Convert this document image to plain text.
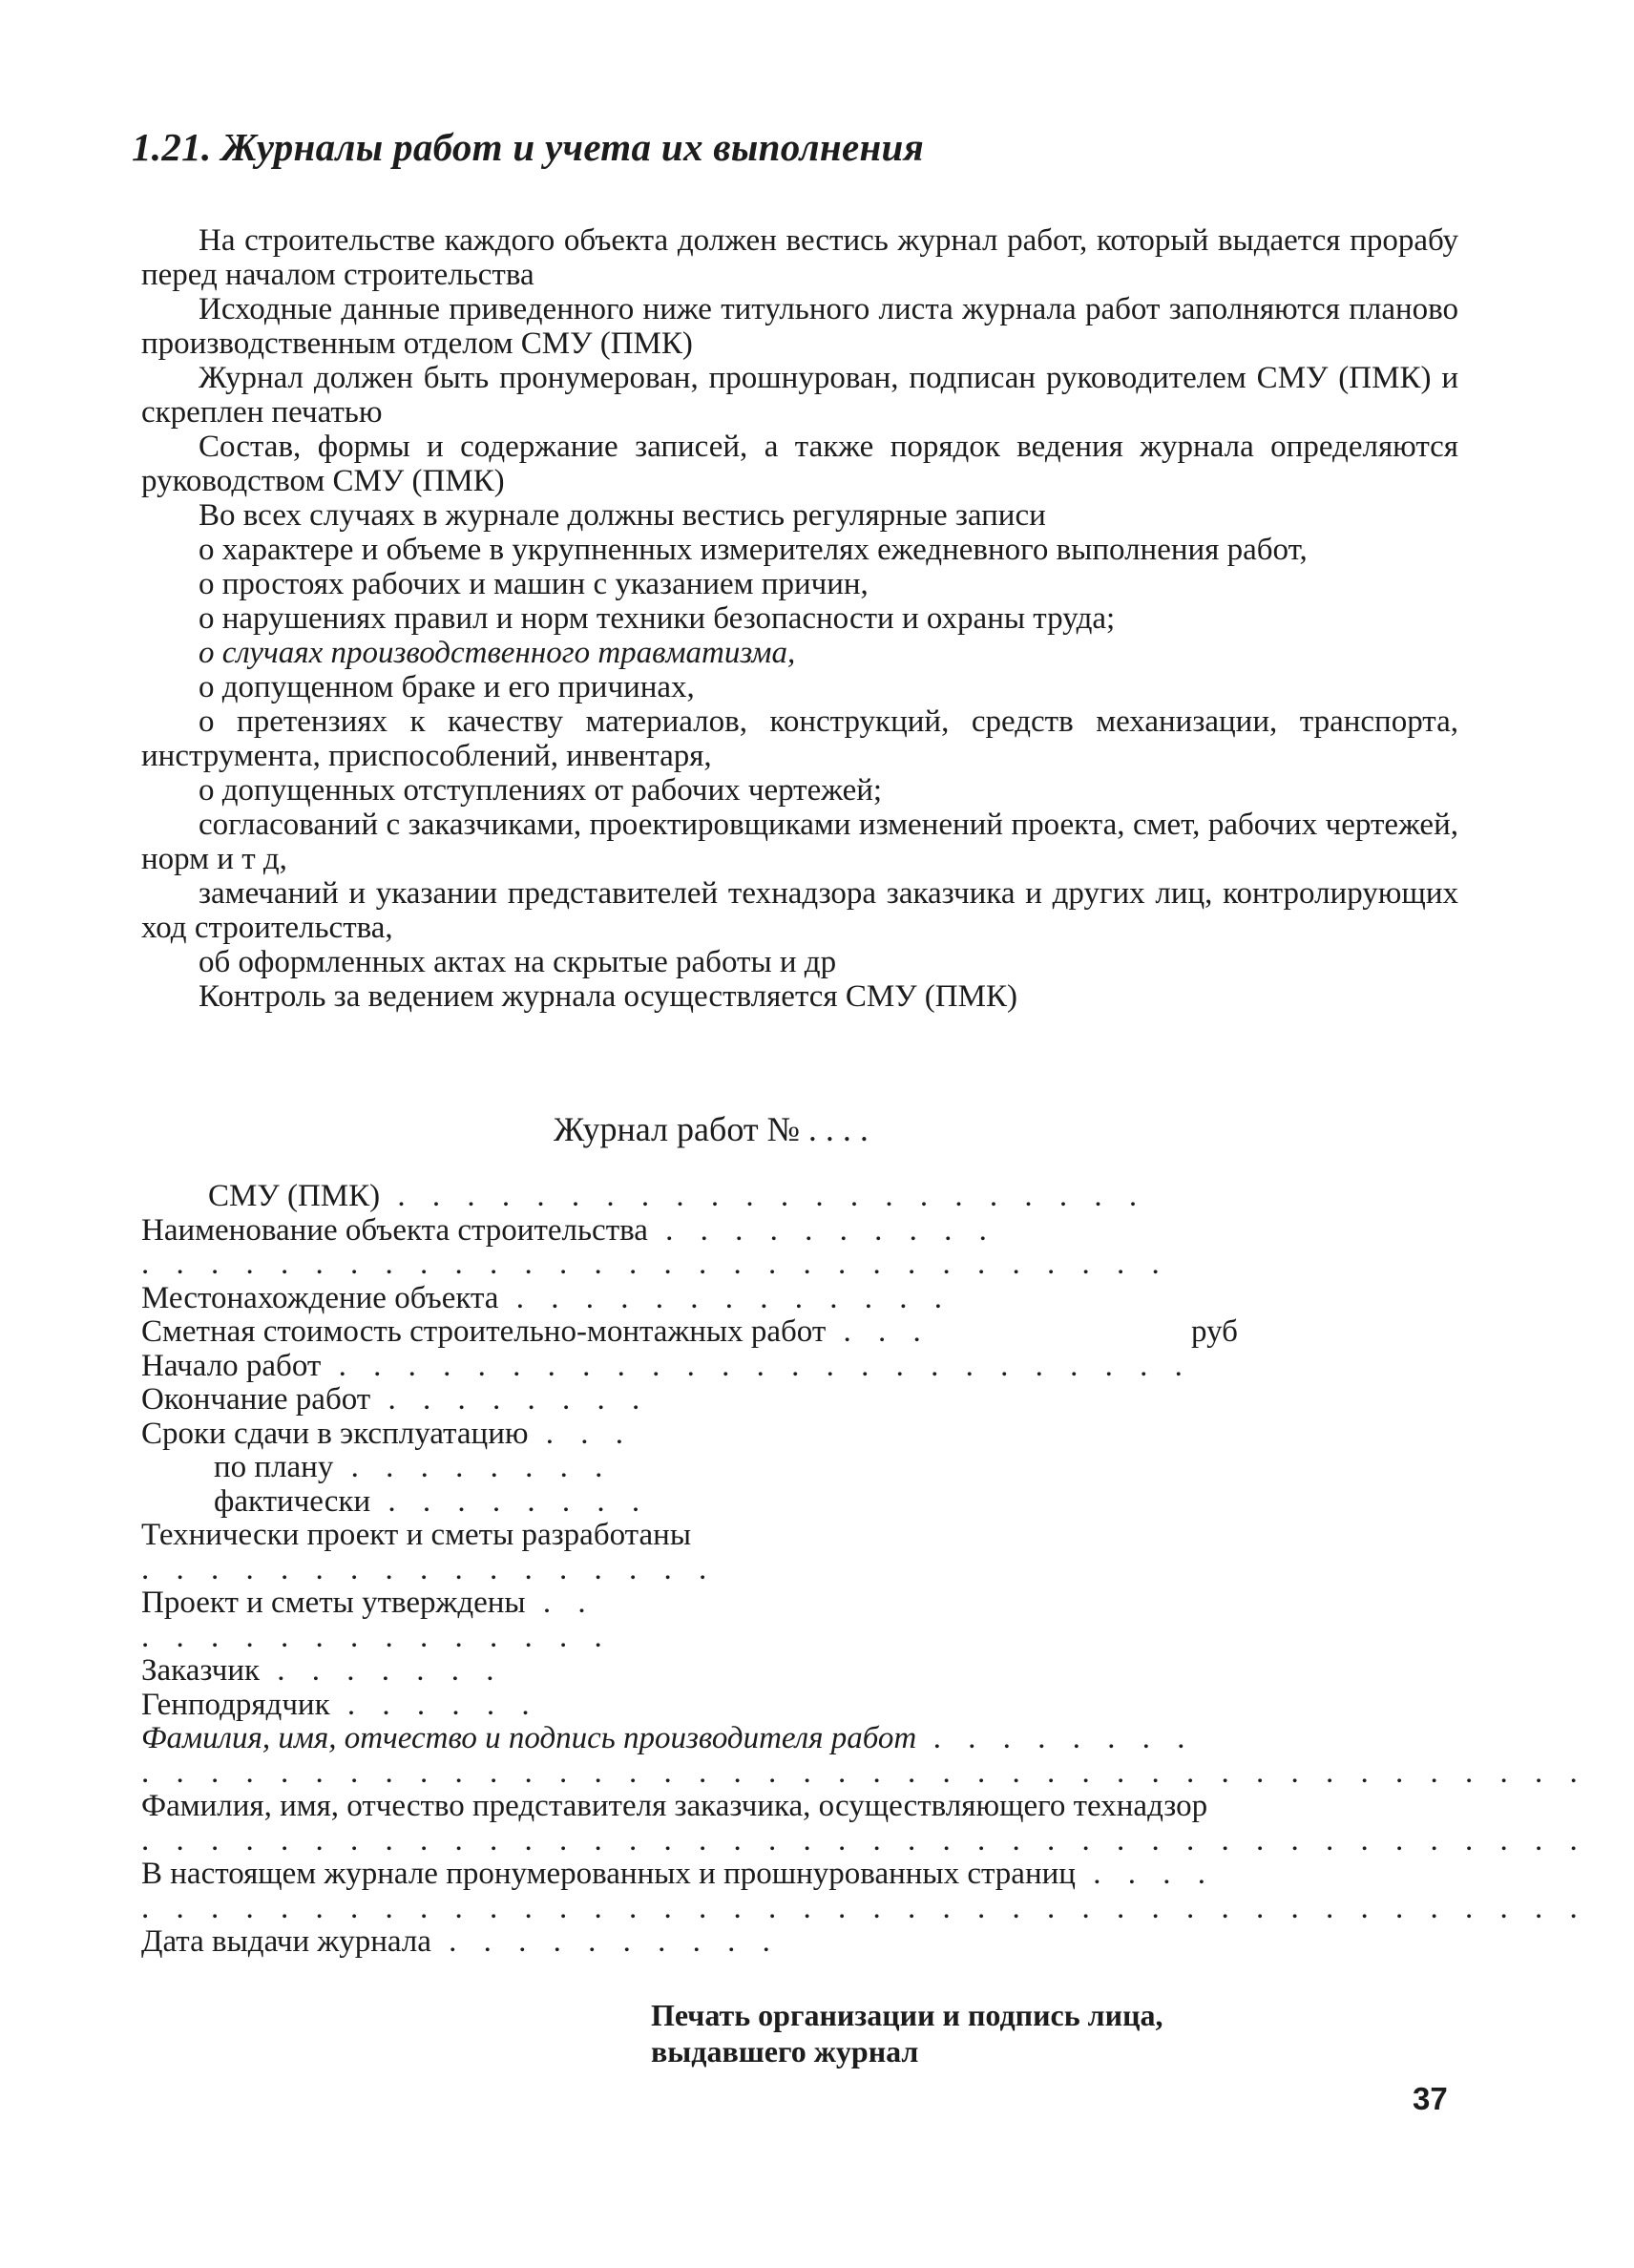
1.21. Журналы работ и учета их выполнения

На строительстве каждого объекта должен вестись журнал работ, который выдается прорабу перед началом строительства

Исходные данные приведенного ниже титульного листа журнала работ заполняются планово производственным отделом СМУ (ПМК)

Журнал должен быть пронумерован, прошнурован, подписан руководителем СМУ (ПМК) и скреплен печатью

Состав, формы и содержание записей, а также порядок ведения журнала определяются руководством СМУ (ПМК)

Во всех случаях в журнале должны вестись регулярные записи

о характере и объеме в укрупненных измерителях ежедневного выполнения работ,

о простоях рабочих и машин с указанием причин,

о нарушениях правил и норм техники безопасности и охраны труда;

о случаях производственного травматизма,

о допущенном браке и его причинах,

о претензиях к качеству материалов, конструкций, средств механизации, транспорта, инструмента, приспособлений, инвентаря,

о допущенных отступлениях от рабочих чертежей;

согласований с заказчиками, проектировщиками изменений проекта, смет, рабочих чертежей, норм и т д,

замечаний и указании представителей технадзора заказчика и других лиц, контролирующих ход строительства,

об оформленных актах на скрытые работы и др

Контроль за ведением журнала осуществляется СМУ (ПМК)

Журнал работ № . . . .
СМУ (ПМК) . . . . . . . . . . . . . . . . . . . . . .
Наименование объекта строительства . . . . . . . . . .
. . . . . . . . . . . . . . . . . . . . . . . . . . . . . .
Местонахождение объекта . . . . . . . . . . . . .
Сметная стоимость строительно-монтажных работ . . .	руб
Начало работ . . . . . . . . . . . . . . . . . . . . . . . . .
Окончание работ . . . . . . . .
Сроки сдачи в эксплуатацию . . .
по плану . . . . . . . .
фактически . . . . . . . .
Технически проект и сметы разработаны
. . . . . . . . . . . . . . . . .
Проект и сметы утверждены . .
. . . . . . . . . . . . . .
Заказчик . . . . . . .
Генподрядчик . . . . . .
Фамилия, имя, отчество и подпись производителя работ . . . . . . . .
. . . . . . . . . . . . . . . . . . . . . . . . . . . . . . . . . . . . . . . . . .
Фамилия, имя, отчество представителя заказчика, осуществляющего технадзор
. . . . . . . . . . . . . . . . . . . . . . . . . . . . . . . . . . . . . . . . . .
В настоящем журнале пронумерованных и прошнурованных страниц . . . .
. . . . . . . . . . . . . . . . . . . . . . . . . . . . . . . . . . . . . . . . . .
Дата выдачи журнала . . . . . . . . . .
Печать организации и подпись лица,
выдавшего журнал
37
